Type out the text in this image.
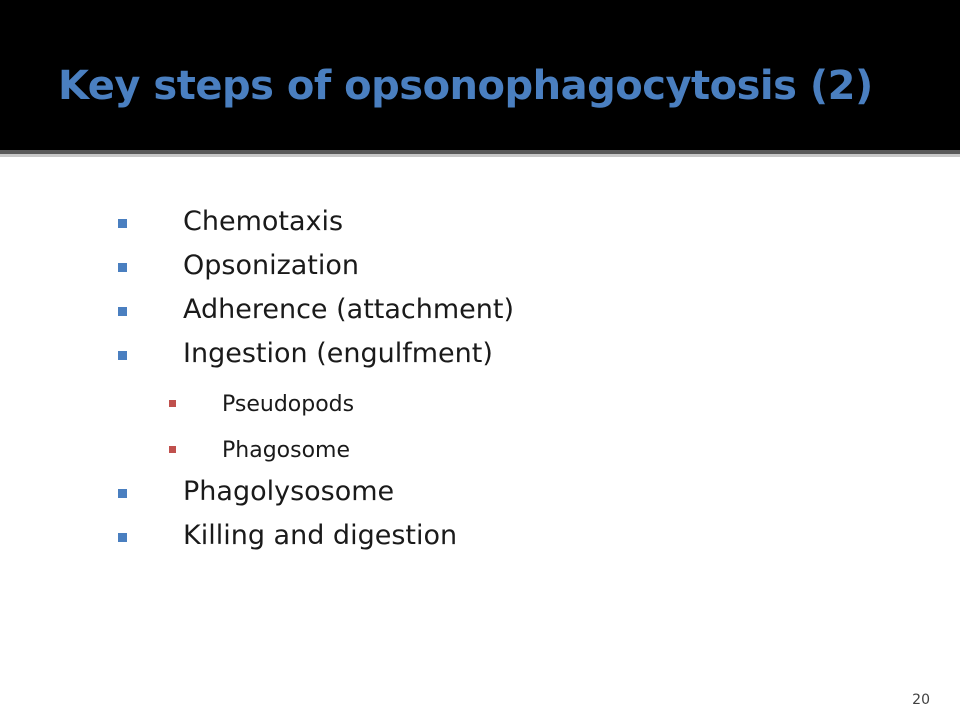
Key steps of opsonophagocytosis (2)
Chemotaxis
Opsonization
Adherence (attachment)
Ingestion (engulfment)
Pseudopods
Phagosome
Phagolysosome
Killing and digestion
20
